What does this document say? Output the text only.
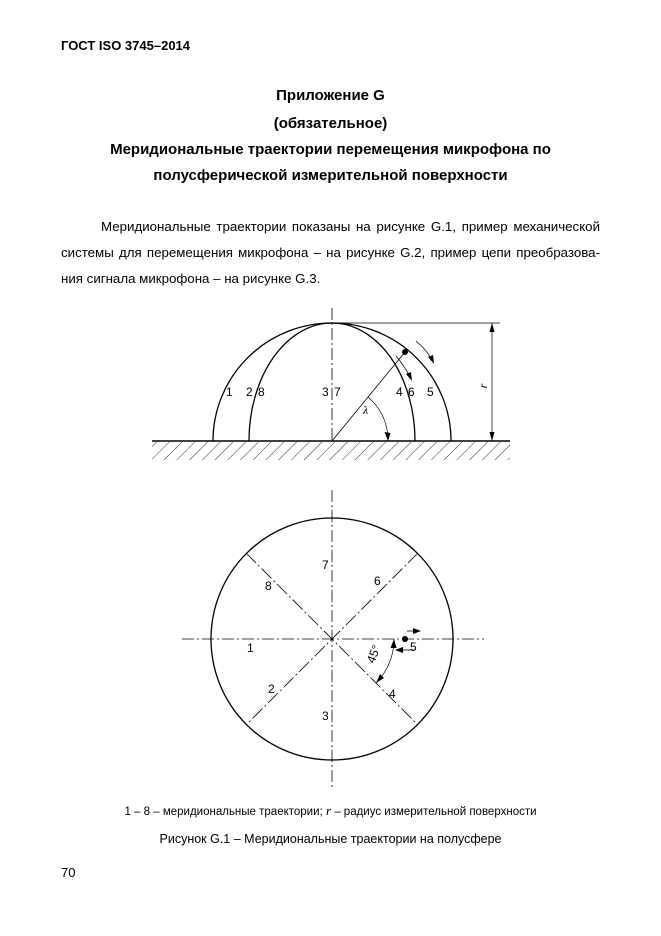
ГОСТ ISO 3745–2014
Приложение G
(обязательное)
Меридиональные траектории перемещения микрофона по
полусферической измерительной поверхности
Меридиональные траектории показаны на рисунке G.1, пример механической
системы для перемещения микрофона – на рисунке G.2, пример цепи преобразова-
ния сигнала микрофона – на рисунке G.3.
r
λ
1 2 8	3 7	4 6 5
45°
1
2
3
4
5
6
7
8
1 – 8 – меридиональные траектории; r – радиус измерительной поверхности
Рисунок G.1 – Меридиональные траектории на полусфере
70
